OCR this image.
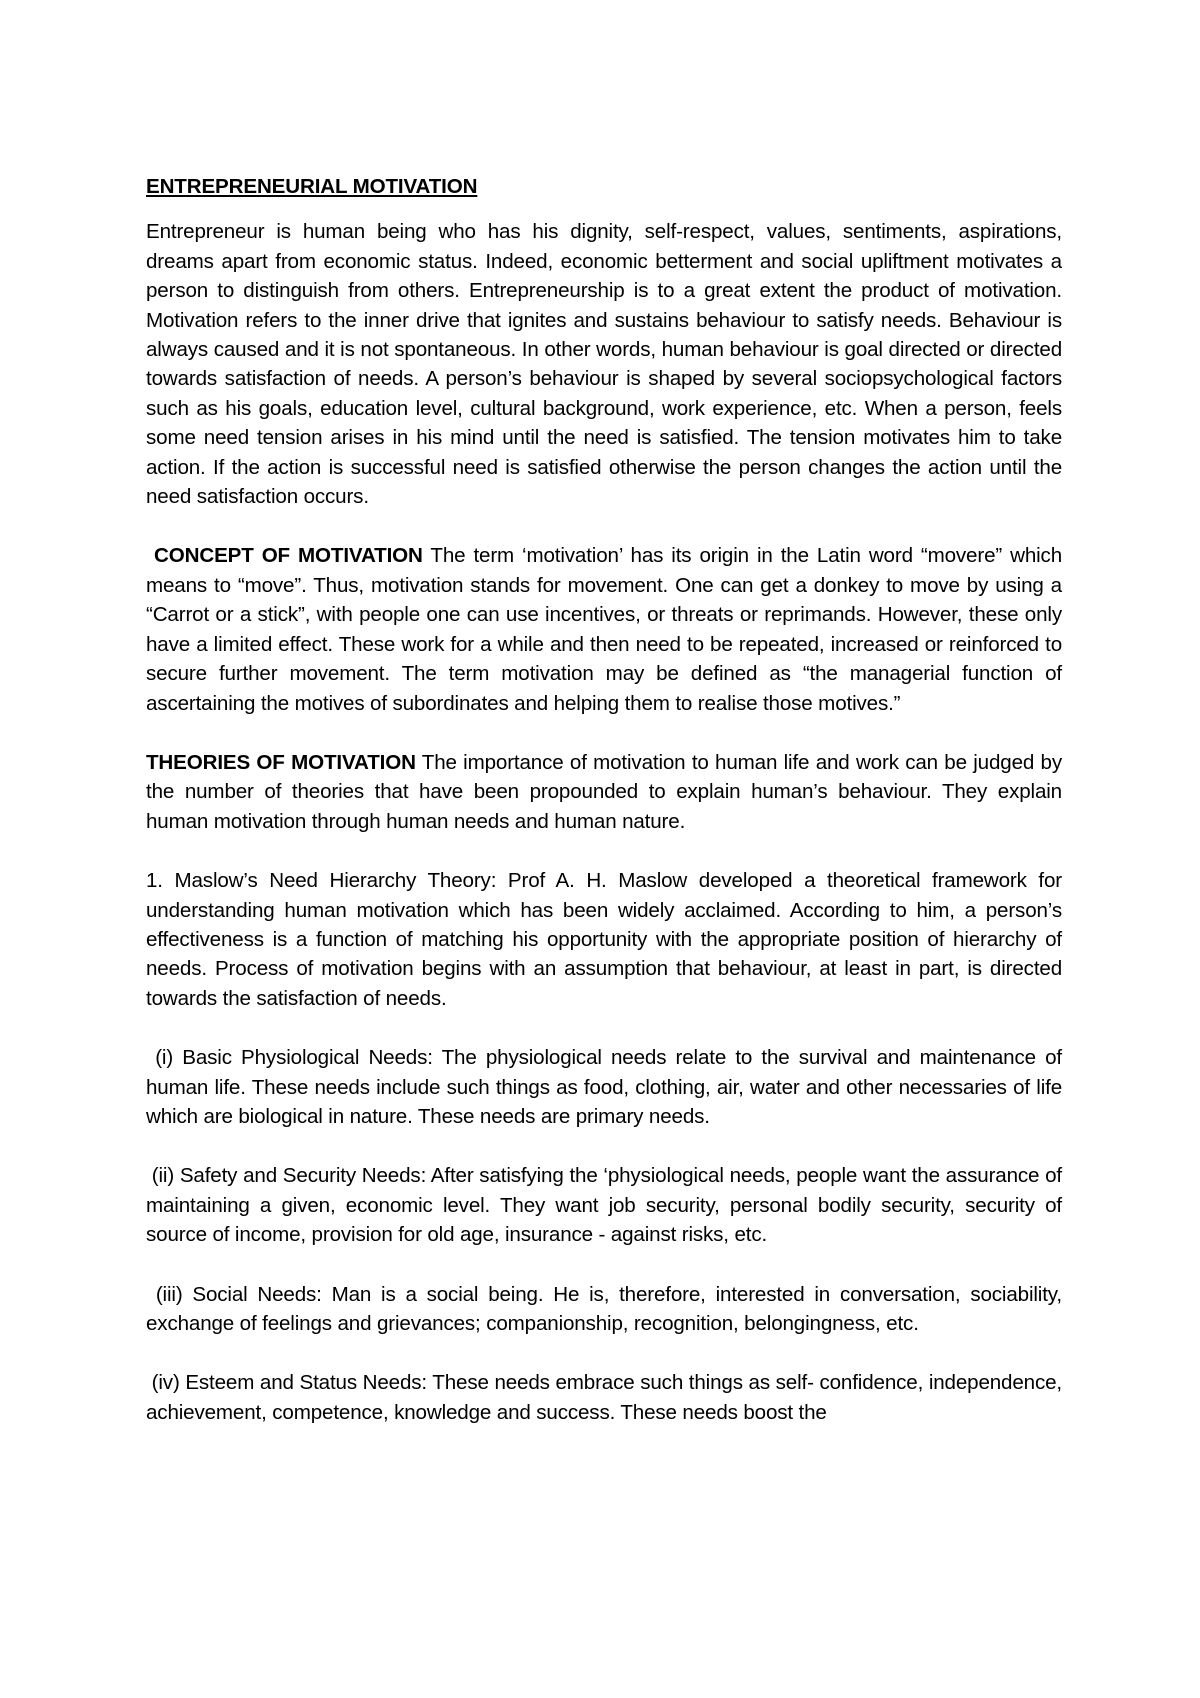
ENTREPRENEURIAL MOTIVATION

Entrepreneur is human being who has his dignity, self-respect, values, sentiments, aspirations, dreams apart from economic status. Indeed, economic betterment and social upliftment motivates a person to distinguish from others. Entrepreneurship is to a great extent the product of motivation. Motivation refers to the inner drive that ignites and sustains behaviour to satisfy needs. Behaviour is always caused and it is not spontaneous. In other words, human behaviour is goal directed or directed towards satisfaction of needs. A person’s behaviour is shaped by several sociopsychological factors such as his goals, education level, cultural background, work experience, etc. When a person, feels some need tension arises in his mind until the need is satisfied. The tension motivates him to take action. If the action is successful need is satisfied otherwise the person changes the action until the need satisfaction occurs.

CONCEPT OF MOTIVATION The term ‘motivation’ has its origin in the Latin word “movere” which means to “move”. Thus, motivation stands for movement. One can get a donkey to move by using a “Carrot or a stick”, with people one can use incentives, or threats or reprimands. However, these only have a limited effect. These work for a while and then need to be repeated, increased or reinforced to secure further movement. The term motivation may be defined as “the managerial function of ascertaining the motives of subordinates and helping them to realise those motives.”

THEORIES OF MOTIVATION The importance of motivation to human life and work can be judged by the number of theories that have been propounded to explain human’s behaviour. They explain human motivation through human needs and human nature.

1. Maslow’s Need Hierarchy Theory: Prof A. H. Maslow developed a theoretical framework for understanding human motivation which has been widely acclaimed. According to him, a person’s effectiveness is a function of matching his opportunity with the appropriate position of hierarchy of needs. Process of motivation begins with an assumption that behaviour, at least in part, is directed towards the satisfaction of needs.

(i) Basic Physiological Needs: The physiological needs relate to the survival and maintenance of human life. These needs include such things as food, clothing, air, water and other necessaries of life which are biological in nature. These needs are primary needs.

(ii) Safety and Security Needs: After satisfying the ‘physiological needs, people want the assurance of maintaining a given, economic level. They want job security, personal bodily security, security of source of income, provision for old age, insurance - against risks, etc.

(iii) Social Needs: Man is a social being. He is, therefore, interested in conversation, sociability, exchange of feelings and grievances; companionship, recognition, belongingness, etc.

(iv) Esteem and Status Needs: These needs embrace such things as self- confidence, independence, achievement, competence, knowledge and success. These needs boost the
